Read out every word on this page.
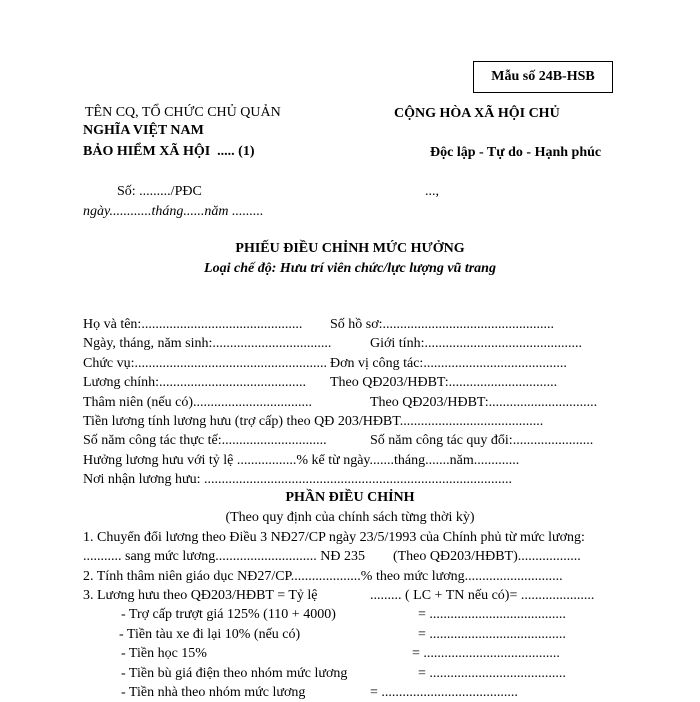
Mẫu số 24B-HSB
TÊN CQ, TỔ CHỨC CHỦ QUẢN	CỘNG HÒA XÃ HỘI CHỦ
NGHĨA VIỆT NAM
BẢO HIỂM XÃ HỘI  ..... (1)	Độc lập - Tự do - Hạnh phúc
Số: ........./PĐC	...,
ngày............tháng......năm .........
PHIẾU ĐIỀU CHỈNH MỨC HƯỞNG
Loại chế độ: Hưu trí viên chức/lực lượng vũ trang
Họ và tên:.............................................. Số hồ sơ:.................................................
Ngày, tháng, năm sinh:..................................	Giới tính:.............................................
Chức vụ:....................................................... Đơn vị công tác:.........................................
Lương chính:.......................................... Theo QĐ203/HĐBT:...............................
Thâm niên (nếu có)..................................	Theo QĐ203/HĐBT:...............................
Tiền lương tính lương hưu (trợ cấp) theo QĐ 203/HĐBT.........................................
Số năm công tác thực tế:..............................	Số năm công tác quy đổi:.......................
Hưởng lương hưu với tỷ lệ .................% kể từ ngày.......tháng.......năm.............
Nơi nhận lương hưu: ........................................................................................
PHẦN ĐIỀU CHỈNH
(Theo quy định của chính sách từng thời kỳ)
1. Chuyển đổi lương theo Điều 3 NĐ27/CP ngày 23/5/1993 của Chính phủ từ mức lương:
........... sang mức lương............................. NĐ 235        (Theo QĐ203/HĐBT)..................
2. Tính thâm niên giáo dục NĐ27/CP....................% theo mức lương............................
3. Lương hưu theo QĐ203/HĐBT = Tỷ lệ	......... ( LC + TN nếu có)= .....................
- Trợ cấp trượt giá 125% (110 + 4000)	= .......................................
- Tiền tàu xe đi lại 10% (nếu có)	= .......................................
- Tiền học 15%	= .......................................
- Tiền bù giá điện theo nhóm mức lương	= .......................................
- Tiền nhà theo nhóm mức lương	= .......................................
